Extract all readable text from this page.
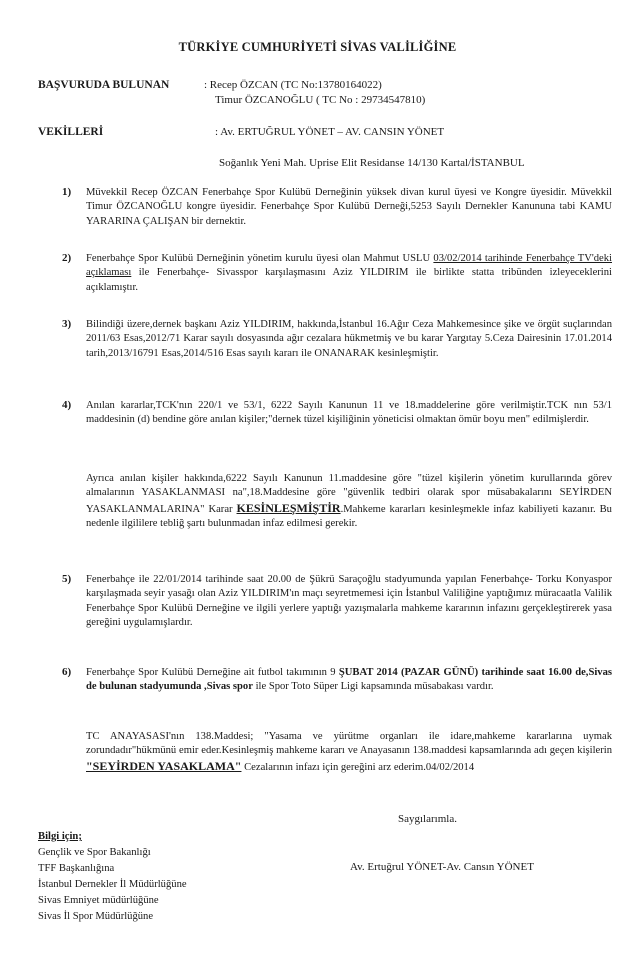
TÜRKİYE CUMHURİYETİ SİVAS VALİLİĞİNE
BAŞVURUDA BULUNAN	: Recep ÖZCAN (TC No:13780164022)
Timur ÖZCANOĞLU ( TC No : 29734547810)
VEKİLLERİ	: Av. ERTUĞRUL YÖNET – AV. CANSIN YÖNET
Soğanlık Yeni Mah. Uprise Elit Residanse 14/130 Kartal/İSTANBUL
1) Müvekkil Recep ÖZCAN Fenerbahçe Spor Kulübü Derneğinin yüksek divan kurul üyesi ve Kongre üyesidir. Müvekkil Timur ÖZCANOĞLU kongre üyesidir. Fenerbahçe Spor Kulübü Derneği,5253 Sayılı Dernekler Kanununa tabi KAMU YARARINA ÇALIŞAN bir dernektir.
2) Fenerbahçe Spor Kulübü Derneğinin yönetim kurulu üyesi olan Mahmut USLU 03/02/2014 tarihinde Fenerbahçe TV'deki açıklaması ile Fenerbahçe- Sivasspor karşılaşmasını Aziz YILDIRIM ile birlikte statta tribünden izleyeceklerini açıklamıştır.
3) Bilindiği üzere,dernek başkanı Aziz YILDIRIM, hakkında,İstanbul 16.Ağır Ceza Mahkemesince şike ve örgüt suçlarından 2011/63 Esas,2012/71 Karar sayılı dosyasında ağır cezalara hükmetmiş ve bu karar Yargıtay 5.Ceza Dairesinin 17.01.2014 tarih,2013/16791 Esas,2014/516 Esas sayılı kararı ile ONANARAK kesinleşmiştir.
4) Anılan kararlar,TCK'nın 220/1 ve 53/1, 6222 Sayılı Kanunun 11 ve 18.maddelerine göre verilmiştir.TCK nın 53/1 maddesinin (d) bendine göre anılan kişiler;"dernek tüzel kişiliğinin yöneticisi olmaktan ömür boyu men" edilmişlerdir.
Ayrıca anılan kişiler hakkında,6222 Sayılı Kanunun 11.maddesine göre "tüzel kişilerin yönetim kurullarında görev almalarının YASAKLANMASI na",18.Maddesine göre "güvenlik tedbiri olarak spor müsabakalarını SEYİRDEN YASAKLANMALARINA" Karar KESİNLEŞMİŞTİR.Mahkeme kararları kesinleşmekle infaz kabiliyeti kazanır. Bu nedenle ilgililere tebliğ şartı bulunmadan infaz edilmesi gerekir.
5) Fenerbahçe ile 22/01/2014 tarihinde saat 20.00 de Şükrü Saraçoğlu stadyumunda yapılan Fenerbahçe- Torku Konyaspor karşılaşmada seyir yasağı olan Aziz YILDIRIM'ın maçı seyretmemesi için İstanbul Valiliğine yaptığımız müracaatla Valilik Fenerbahçe Spor Kulübü Derneğine ve ilgili yerlere yaptığı yazışmalarla mahkeme kararının infazını gerçekleştirerek yasa gereğini uygulamışlardır.
6) Fenerbahçe Spor Kulübü Derneğine ait futbol takımının 9 ŞUBAT 2014 (PAZAR GÜNÜ) tarihinde saat 16.00 de,Sivas de bulunan stadyumunda ,Sivas spor ile Spor Toto Süper Ligi kapsamında müsabakası vardır.
TC ANAYASASI'nın 138.Maddesi; "Yasama ve yürütme organları ile idare,mahkeme kararlarına uymak zorundadır"hükmünü emir eder.Kesinleşmiş mahkeme kararı ve Anayasanın 138.maddesi kapsamlarında adı geçen kişilerin "SEYİRDEN YASAKLAMA" Cezalarının infazı için gereğini arz ederim.04/02/2014
Saygılarımla.
Av. Ertuğrul YÖNET-Av. Cansın YÖNET
Bilgi için;
Gençlik ve Spor Bakanlığı
TFF Başkanlığına
İstanbul Dernekler İl Müdürlüğüne
Sivas Emniyet müdürlüğüne
Sivas İl Spor Müdürlüğüne
